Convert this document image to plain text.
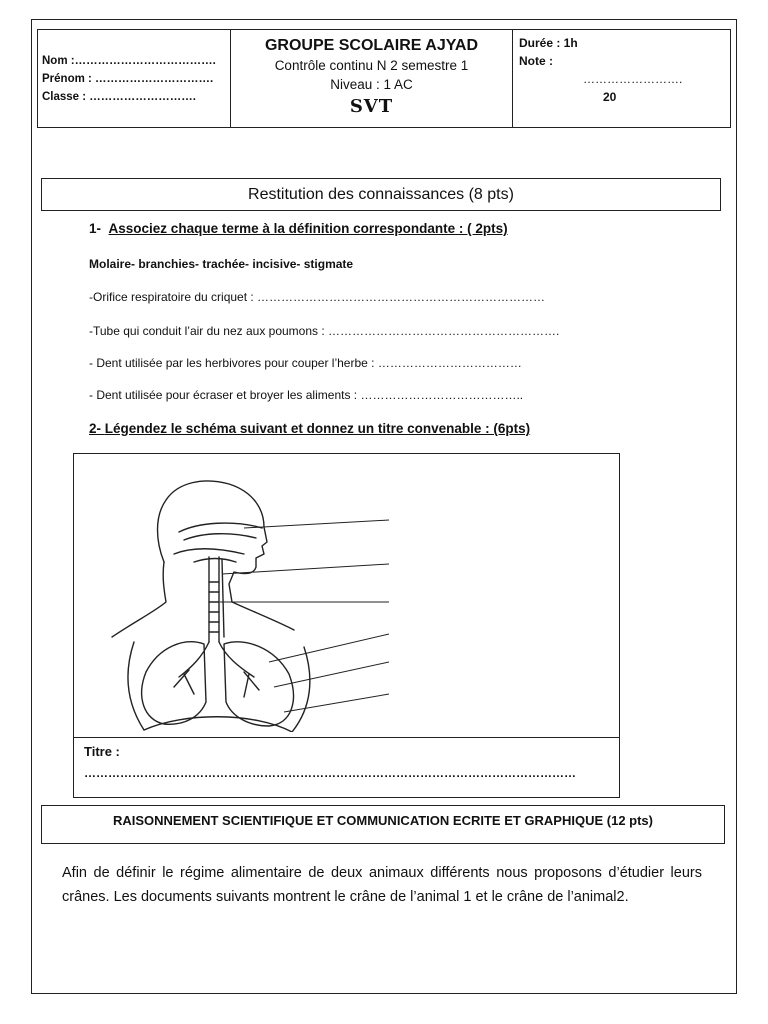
Nom :……………………………….
Prénom : ………………………….
Classe : ……………………….
GROUPE SCOLAIRE AJYAD
Contrôle continu N 2 semestre 1
Niveau : 1 AC
SVT
Durée : 1h
Note :
…………………….
20
Restitution des connaissances (8 pts)
1- Associez chaque terme à la définition correspondante : ( 2pts)
Molaire- branchies- trachée- incisive- stigmate
-Orifice respiratoire du criquet : ………………………………………………………………
-Tube qui conduit l’air du nez aux poumons : ………………………………………………….
- Dent utilisée par les herbivores pour couper l’herbe : ………………………………
- Dent utilisée pour écraser et broyer les aliments : …………………………………..
2- Légendez le schéma suivant et donnez un titre convenable : (6pts)
Titre :
……………………………………………………………………………………………………………
RAISONNEMENT SCIENTIFIQUE ET COMMUNICATION ECRITE ET GRAPHIQUE (12 pts)
Afin de définir le régime alimentaire de deux animaux différents nous proposons d’étudier leurs crânes. Les documents suivants montrent le crâne de l’animal 1 et le crâne de l’animal2.
